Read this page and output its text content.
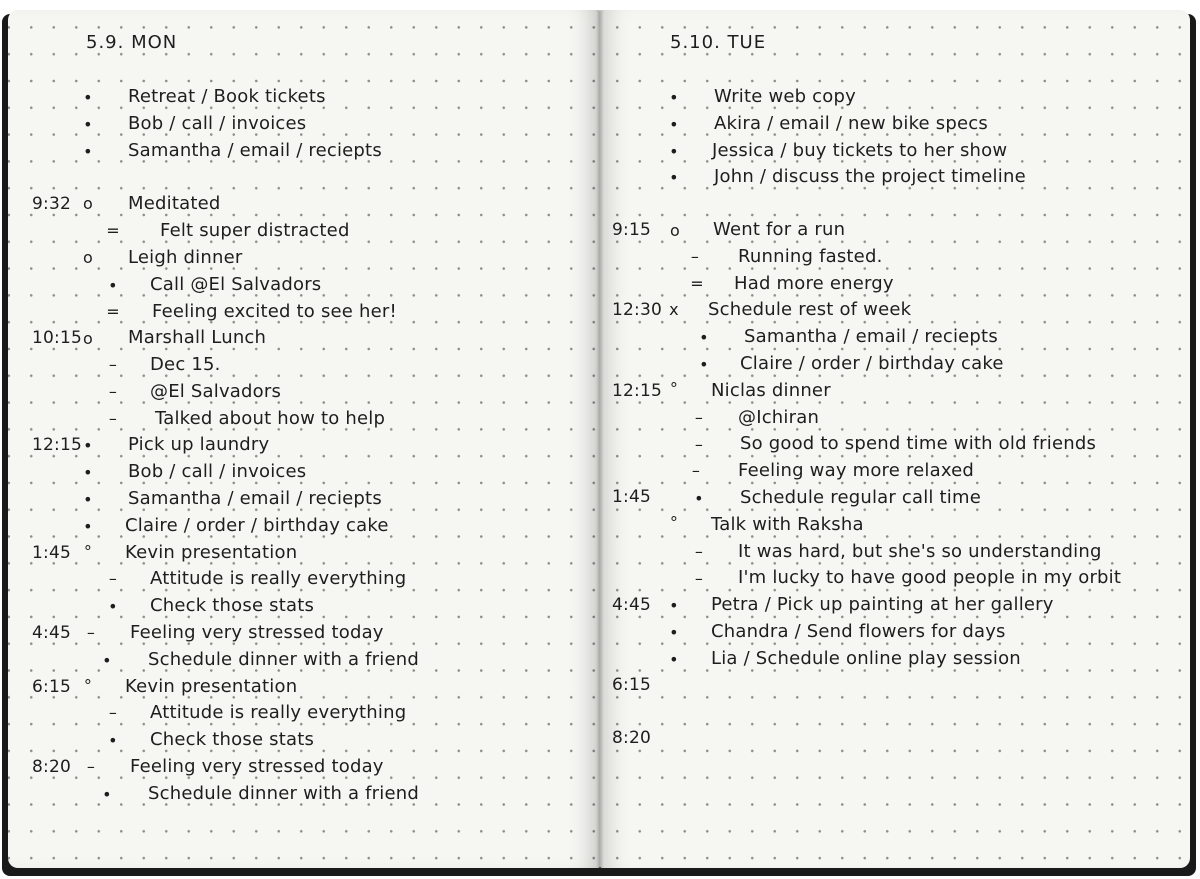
5.9. MON
• Retreat / Book tickets
• Bob / call / invoices
• Samantha / email / reciepts
9:32 o Meditated
= Felt super distracted
o Leigh dinner
• Call @El Salvadors
= Feeling excited to see her!
10:15 o Marshall Lunch
– Dec 15.
– @El Salvadors
– Talked about how to help
12:15 • Pick up laundry
• Bob / call / invoices
• Samantha / email / reciepts
• Claire / order / birthday cake
1:45 ° Kevin presentation
– Attitude is really everything
• Check those stats
4:45 – Feeling very stressed today
• Schedule dinner with a friend
6:15 ° Kevin presentation
– Attitude is really everything
• Check those stats
8:20 – Feeling very stressed today
• Schedule dinner with a friend
5.10. TUE
• Write web copy
• Akira / email / new bike specs
• Jessica / buy tickets to her show
• John / discuss the project timeline
9:15 o Went for a run
– Running fasted.
= Had more energy
12:30 x Schedule rest of week
• Samantha / email / reciepts
• Claire / order / birthday cake
12:15 ° Niclas dinner
– @Ichiran
– So good to spend time with old friends
– Feeling way more relaxed
1:45	• Schedule regular call time
° Talk with Raksha
– It was hard, but she's so understanding
– I'm lucky to have good people in my orbit
4:45 • Petra / Pick up painting at her gallery
• Chandra / Send flowers for days
• Lia / Schedule online play session
6:15
8:20
